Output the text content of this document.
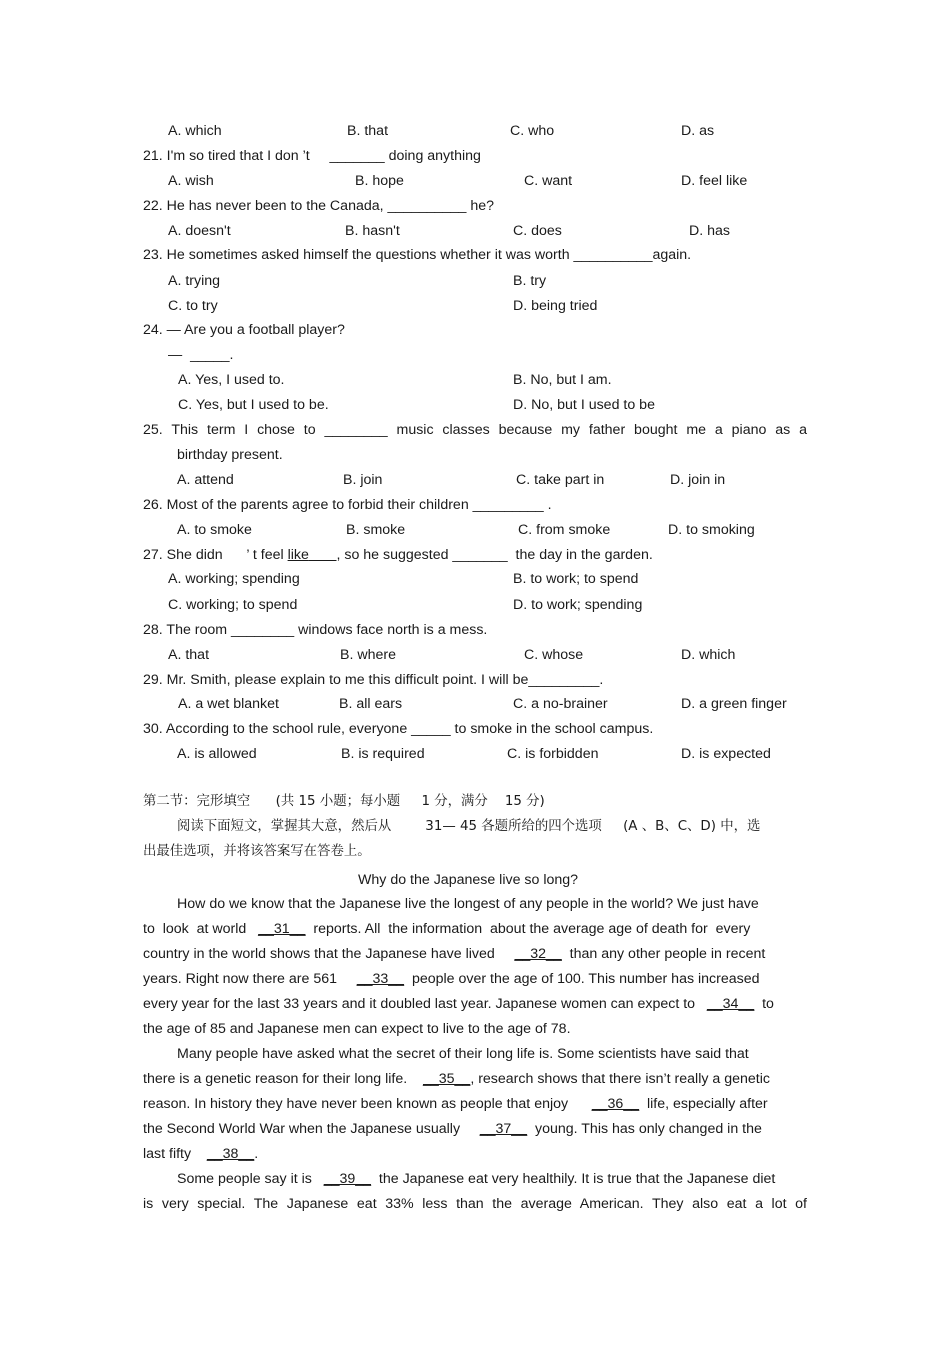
A. which	B. that	C. who	D. as
21. I'm so tired that I don ’t     _______ doing anything
A. wish	B. hope	C. want	D. feel like
22. He has never been to the Canada, __________ he?
A. doesn't	B. hasn't	C. does	D. has
23. He sometimes asked himself the questions whether it was worth __________again.
A. trying	B. try
C. to try	D. being tried
24. — Are you a football player?
—  _____.
A. Yes, I used to.	B. No, but I am.
C. Yes, but I used to be.	D. No, but I used to be
25. This term I chose to ________ music classes because my father bought me a piano as a
birthday present.
A. attend	B. join	C. take part in	D. join in
26. Most of the parents agree to forbid their children _________ .
A. to smoke	B. smoke	C. from smoke	D. to smoking
27. She didn      ’ t feel like , so he suggested _______  the day in the garden.
A. working; spending	B. to work; to spend
C. working; to spend	D. to work; spending
28. The room ________ windows face north is a mess.
A. that	B. where	C. whose	D. which
29. Mr. Smith, please explain to me this difficult point. I will be_________.
A. a wet blanket	B. all ears	C. a no-brainer	D. a green finger
30. According to the school rule, everyone _____ to smoke in the school campus.
A. is allowed	B. is required	C. is forbidden	D. is expected
第二节：完形填空      (共 15 小题；每小题     1 分，满分    15 分)
阅读下面短文，掌握其大意，然后从        31— 45 各题所给的四个选项     (A 、B、C、D) 中，选
出最佳选项，并将该答案写在答卷上。
Why do the Japanese live so long?
How do we know that the Japanese live the longest of any people in the world? We just have
to  look  at world   __31__  reports. All  the information  about the average age of death for  every
country in the world shows that the Japanese have lived     __32__  than any other people in recent
years. Right now there are 561     __33__  people over the age of 100. This number has increased
every year for the last 33 years and it doubled last year. Japanese women can expect to   __34__  to
the age of 85 and Japanese men can expect to live to the age of 78.
Many people have asked what the secret of their long life is. Some scientists have said that
there is a genetic reason for their long life.    __35__, research shows that there isn’t really a genetic
reason. In history they have never been known as people that enjoy      __36__  life, especially after
the Second World War when the Japanese usually     __37__  young. This has only changed in the
last fifty    __38__.
Some people say it is   __39__  the Japanese eat very healthily. It is true that the Japanese diet
is very special. The Japanese eat 33% less than the average American. They also eat a lot of
